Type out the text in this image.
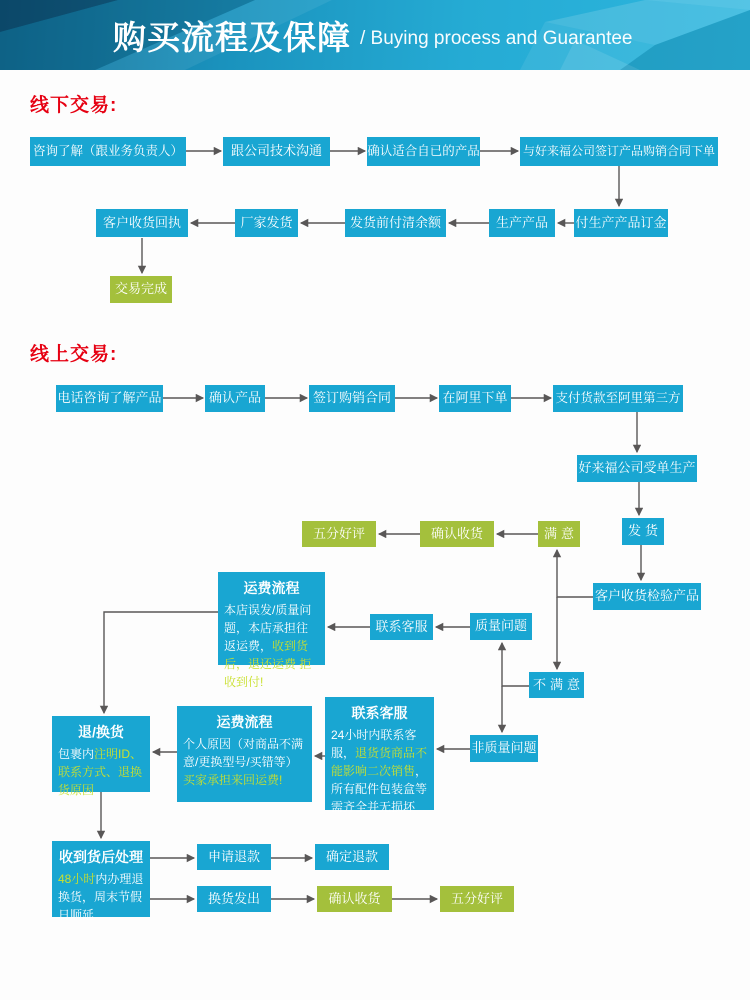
购买流程及保障 / Buying process and Guarantee
线下交易:
线上交易:
咨询了解（跟业务负责人）	跟公司技术沟通	确认适合自已的产品	与好来福公司签订产品购销合同下单
客户收货回执	厂家发货	发货前付清余额	生产产品	付生产产品订金
交易完成
电话咨询了解产品	确认产品	签订购销合同	在阿里下单	支付货款至阿里第三方
好来福公司受单生产
发货
满意
确认收货
五分好评
客户收货检验产品
质量问题
联系客服
运费流程
本店误发/质量问题，本店承担往返运费，收到货后，退还运费 拒收到付!	不满意
非质量问题
联系客服
24小时内联系客服，退货货商品不能影响二次销售，所有配件包装盒等需齐全并无损坏
运费流程
个人原因（对商品不满意/更换型号/买错等）买家承担来回运费!
退/换货
包裹内注明ID、联系方式、退换货原因
收到货后处理
48小时内办理退换货，周末节假日顺延
申请退款	确定退款
换货发出	确认收货	五分好评
